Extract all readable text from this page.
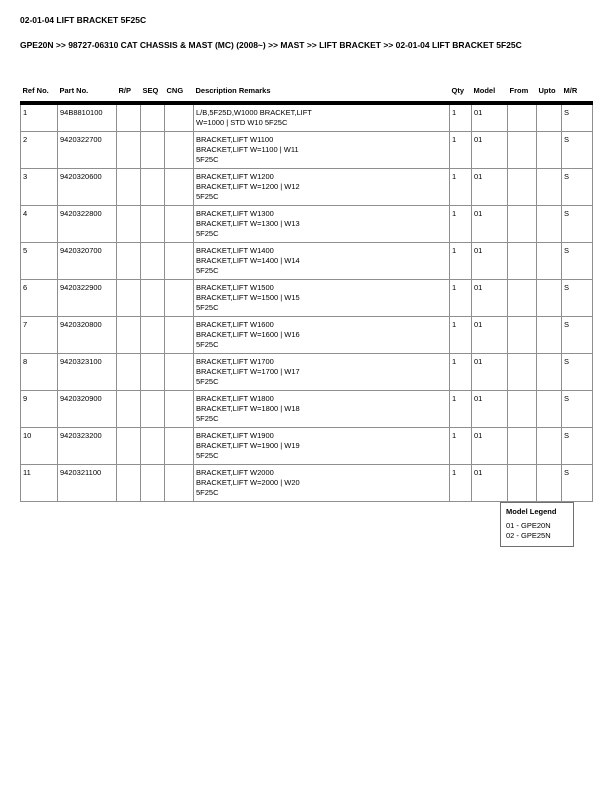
02-01-04 LIFT BRACKET 5F25C
GPE20N >> 98727-06310 CAT CHASSIS & MAST (MC) (2008~) >> MAST >> LIFT BRACKET >> 02-01-04 LIFT BRACKET 5F25C
Ref No.	Part No.	R/P	SEQ	CNG	Description Remarks	Qty	Model	From	Upto	M/R
1	94B8810100				L/B,5F25D,W1000 BRACKET,LIFT
W=1000 | STD W10 5F25C	1	01			S
2	9420322700				BRACKET,LIFT W1100
BRACKET,LIFT W=1100 | W11
5F25C	1	01			S
3	9420320600				BRACKET,LIFT W1200
BRACKET,LIFT W=1200 | W12
5F25C	1	01			S
4	9420322800				BRACKET,LIFT W1300
BRACKET,LIFT W=1300 | W13
5F25C	1	01			S
5	9420320700				BRACKET,LIFT W1400
BRACKET,LIFT W=1400 | W14
5F25C	1	01			S
6	9420322900				BRACKET,LIFT W1500
BRACKET,LIFT W=1500 | W15
5F25C	1	01			S
7	9420320800				BRACKET,LIFT W1600
BRACKET,LIFT W=1600 | W16
5F25C	1	01			S
8	9420323100				BRACKET,LIFT W1700
BRACKET,LIFT W=1700 | W17
5F25C	1	01			S
9	9420320900				BRACKET,LIFT W1800
BRACKET,LIFT W=1800 | W18
5F25C	1	01			S
10	9420323200				BRACKET,LIFT W1900
BRACKET,LIFT W=1900 | W19
5F25C	1	01			S
11	9420321100				BRACKET,LIFT W2000
BRACKET,LIFT W=2000 | W20
5F25C	1	01			S
Model Legend
01 - GPE20N
02 - GPE25N
